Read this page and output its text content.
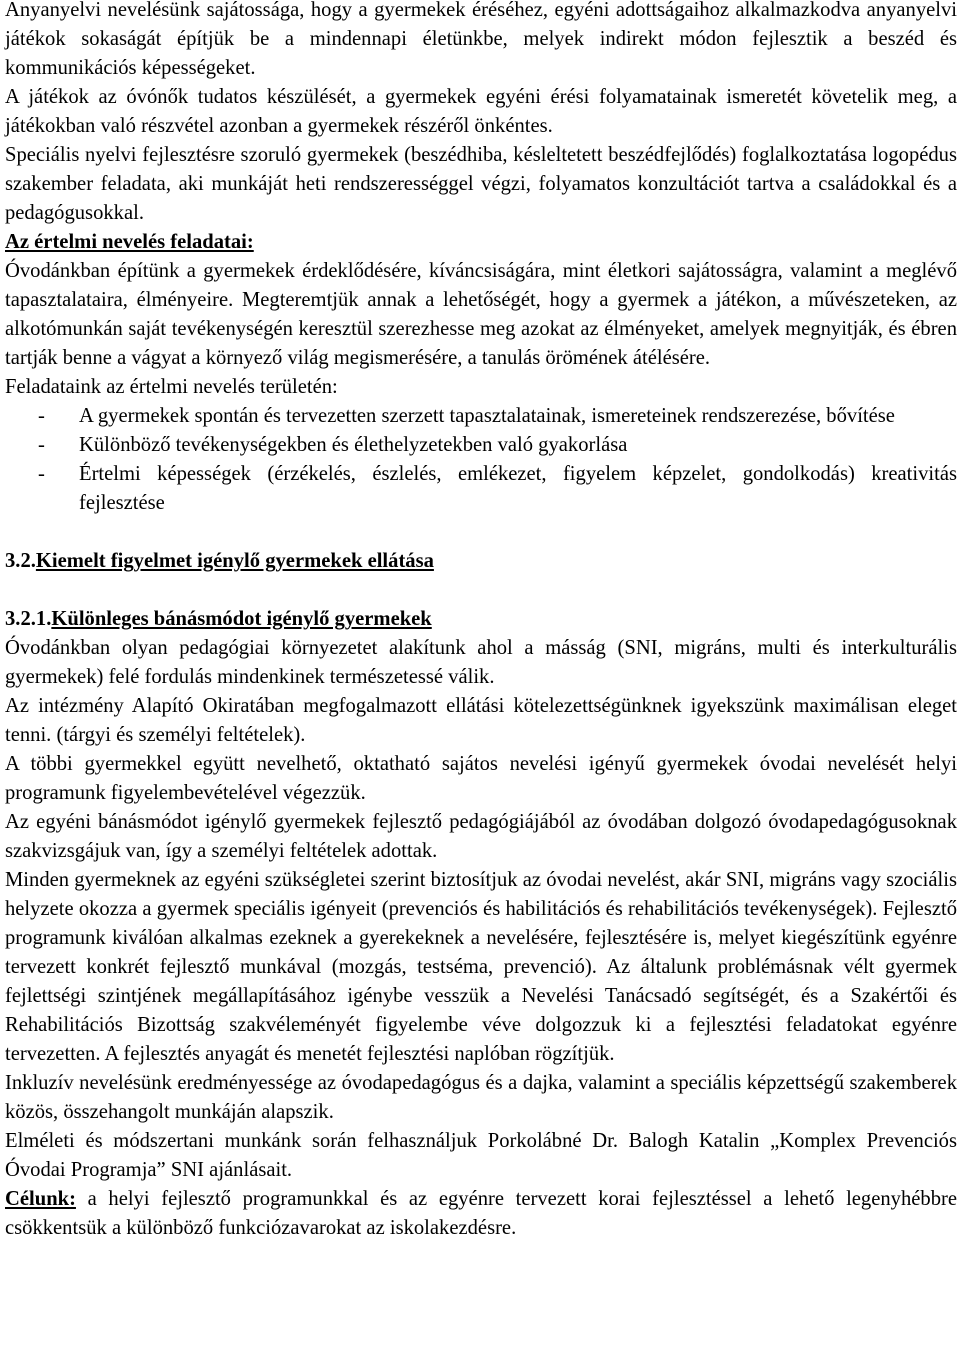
Anyanyelvi nevelésünk sajátossága, hogy a gyermekek éréséhez, egyéni adottságaihoz alkalmazkodva anyanyelvi játékok sokaságát építjük be a mindennapi életünkbe, melyek indirekt módon fejlesztik a beszéd és kommunikációs képességeket.

A játékok az óvónők tudatos készülését, a gyermekek egyéni érési folyamatainak ismeretét követelik meg, a játékokban való részvétel azonban a gyermekek részéről önkéntes.

Speciális nyelvi fejlesztésre szoruló gyermekek (beszédhiba, késleltetett beszédfejlődés) foglalkoztatása logopédus szakember feladata, aki munkáját heti rendszerességgel végzi, folyamatos konzultációt tartva a családokkal és a pedagógusokkal.

Az értelmi nevelés feladatai:

Óvodánkban építünk a gyermekek érdeklődésére, kíváncsiságára, mint életkori sajátosságra, valamint a meglévő tapasztalataira, élményeire. Megteremtjük annak a lehetőségét, hogy a gyermek a játékon, a művészeteken, az alkotómunkán saját tevékenységén keresztül szerezhesse meg azokat az élményeket, amelyek megnyitják, és ébren tartják benne a vágyat a környező világ megismerésére, a tanulás örömének átélésére.

Feladataink az értelmi nevelés területén:

- A gyermekek spontán és tervezetten szerzett tapasztalatainak, ismereteinek rendszerezése, bővítése
- Különböző tevékenységekben és élethelyzetekben való gyakorlása
- Értelmi képességek (érzékelés, észlelés, emlékezet, figyelem képzelet, gondolkodás) kreativitás fejlesztése

3.2.Kiemelt figyelmet igénylő gyermekek ellátása

3.2.1.Különleges bánásmódot igénylő gyermekek

Óvodánkban olyan pedagógiai környezetet alakítunk ahol a másság (SNI, migráns, multi és interkulturális gyermekek) felé fordulás mindenkinek természetessé válik.

Az intézmény Alapító Okiratában megfogalmazott ellátási kötelezettségünknek igyekszünk maximálisan eleget tenni. (tárgyi és személyi feltételek).

A többi gyermekkel együtt nevelhető, oktatható sajátos nevelési igényű gyermekek óvodai nevelését helyi programunk figyelembevételével végezzük.

Az egyéni bánásmódot igénylő gyermekek fejlesztő pedagógiájából az óvodában dolgozó óvodapedagógusoknak szakvizsgájuk van, így a személyi feltételek adottak.

Minden gyermeknek az egyéni szükségletei szerint biztosítjuk az óvodai nevelést, akár SNI, migráns vagy szociális helyzete okozza a gyermek speciális igényeit (prevenciós és habilitációs és rehabilitációs tevékenységek). Fejlesztő programunk kiválóan alkalmas ezeknek a gyerekeknek a nevelésére, fejlesztésére is, melyet kiegészítünk egyénre tervezett konkrét fejlesztő munkával (mozgás, testséma, prevenció). Az általunk problémásnak vélt gyermek fejlettségi szintjének megállapításához igénybe vesszük a Nevelési Tanácsadó segítségét, és a Szakértői és Rehabilitációs Bizottság szakvéleményét figyelembe véve dolgozzuk ki a fejlesztési feladatokat egyénre tervezetten. A fejlesztés anyagát és menetét fejlesztési naplóban rögzítjük.

Inkluzív nevelésünk eredményessége az óvodapedagógus és a dajka, valamint a speciális képzettségű szakemberek közös, összehangolt munkáján alapszik.

Elméleti és módszertani munkánk során felhasználjuk Porkolábné Dr. Balogh Katalin „Komplex Prevenciós Óvodai Programja” SNI ajánlásait.

Célunk: a helyi fejlesztő programunkkal és az egyénre tervezett korai fejlesztéssel a lehető legenyhébbre csökkentsük a különböző funkciózavarokat az iskolakezdésre.
